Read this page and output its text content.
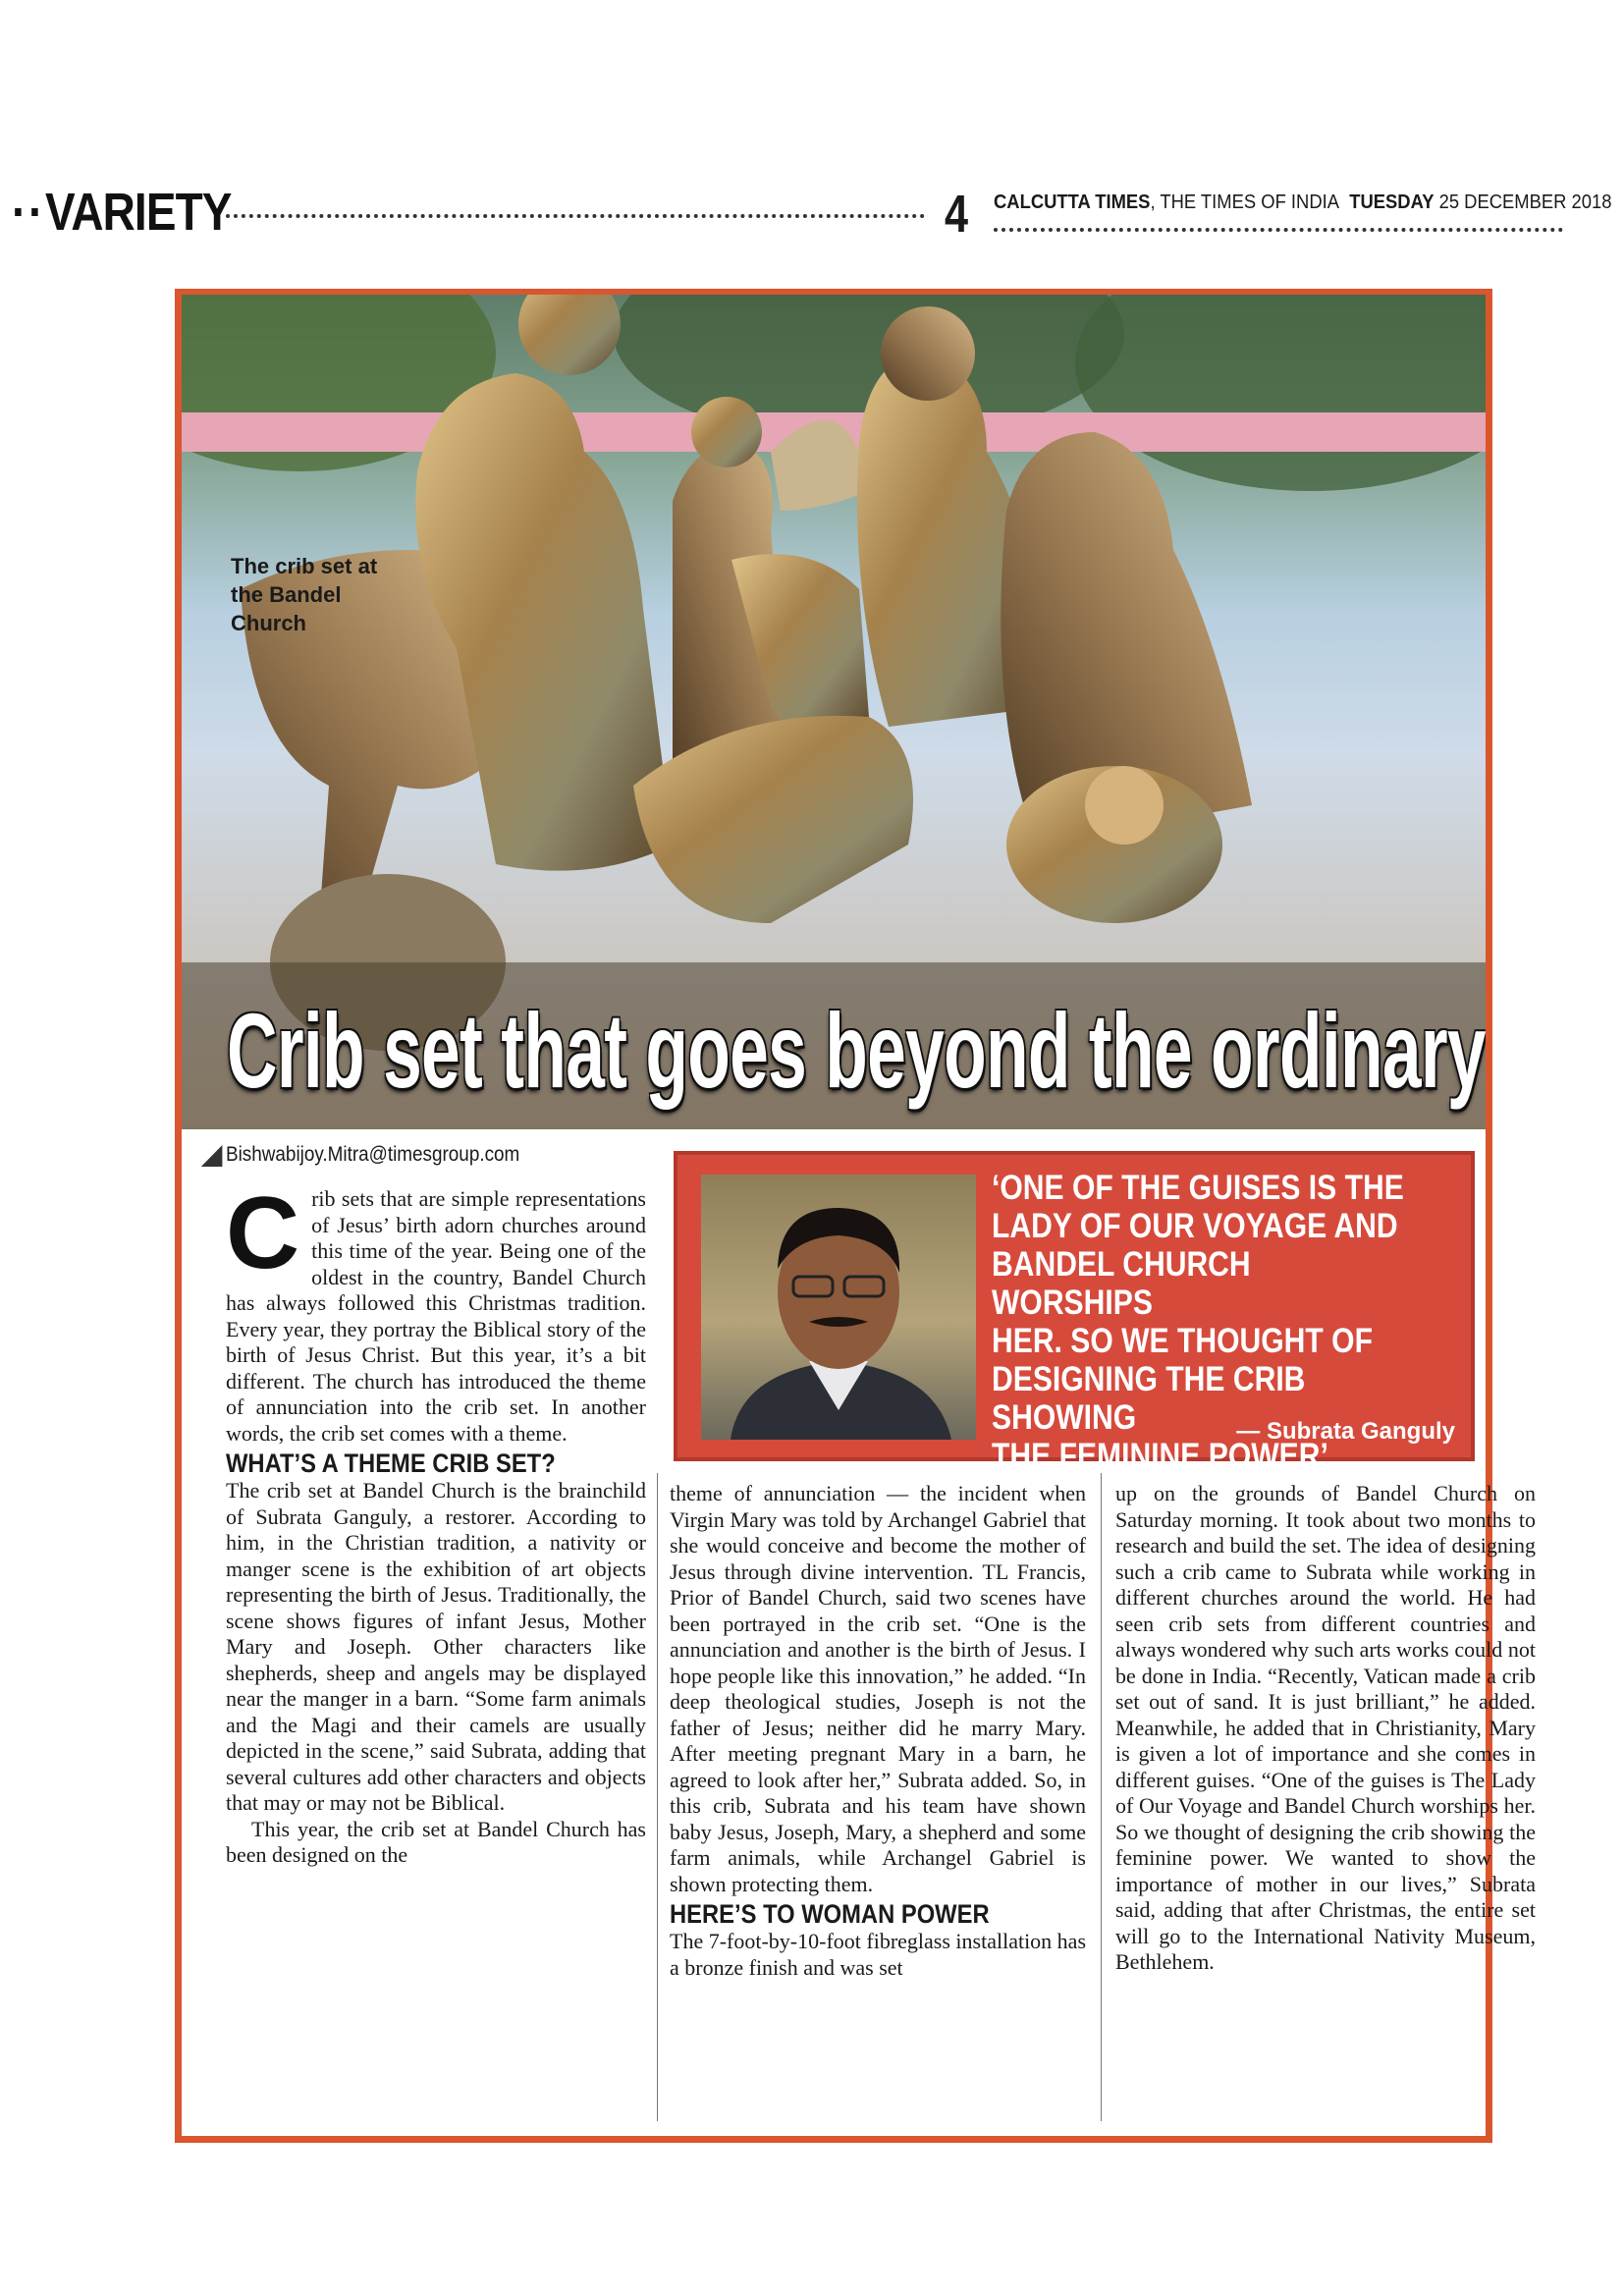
··VARIETY	4 CALCUTTA TIMES, THE TIMES OF INDIA TUESDAY 25 DECEMBER 2018
The crib set at the Bandel Church
Crib set that goes beyond the ordinary
Bishwabijoy.Mitra@timesgroup.com
‘ONE OF THE GUISES IS THE
LADY OF OUR VOYAGE AND
BANDEL CHURCH WORSHIPS
HER. SO WE THOUGHT OF
DESIGNING THE CRIB SHOWING
THE FEMININE POWER’
— Subrata Ganguly

Crib sets that are simple representations of Jesus’ birth adorn churches around this time of the year. Being one of the oldest in the country, Bandel Church has always followed this Christmas tradition. Every year, they portray the Biblical story of the birth of Jesus Christ. But this year, it’s a bit different. The church has introduced the theme of annunciation into the crib set. In another words, the crib set comes with a theme.

WHAT’S A THEME CRIB SET?

The crib set at Bandel Church is the brainchild of Subrata Ganguly, a restorer. According to him, in the Christian tradition, a nativity or manger scene is the exhibition of art objects representing the birth of Jesus. Traditionally, the scene shows figures of infant Jesus, Mother Mary and Joseph. Other characters like shepherds, sheep and angels may be displayed near the manger in a barn. “Some farm animals and the Magi and their camels are usually depicted in the scene,” said Subrata, adding that several cultures add other characters and objects that may or may not be Biblical.

This year, the crib set at Bandel Church has been designed on the

theme of annunciation — the incident when Virgin Mary was told by Archangel Gabriel that she would conceive and become the mother of Jesus through divine intervention. TL Francis, Prior of Bandel Church, said two scenes have been portrayed in the crib set. “One is the annunciation and another is the birth of Jesus. I hope people like this innovation,” he added. “In deep theological studies, Joseph is not the father of Jesus; neither did he marry Mary. After meeting pregnant Mary in a barn, he agreed to look after her,” Subrata added. So, in this crib, Subrata and his team have shown baby Jesus, Joseph, Mary, a shepherd and some farm animals, while Archangel Gabriel is shown protecting them.

HERE’S TO WOMAN POWER

The 7-foot-by-10-foot fibreglass installation has a bronze finish and was set

up on the grounds of Bandel Church on Saturday morning. It took about two months to research and build the set. The idea of designing such a crib came to Subrata while working in different churches around the world. He had seen crib sets from different countries and always wondered why such arts works could not be done in India. “Recently, Vatican made a crib set out of sand. It is just brilliant,” he added. Meanwhile, he added that in Christianity, Mary is given a lot of importance and she comes in different guises. “One of the guises is The Lady of Our Voyage and Bandel Church worships her. So we thought of designing the crib showing the feminine power. We wanted to show the importance of mother in our lives,” Subrata said, adding that after Christmas, the entire set will go to the International Nativity Museum, Bethlehem.
